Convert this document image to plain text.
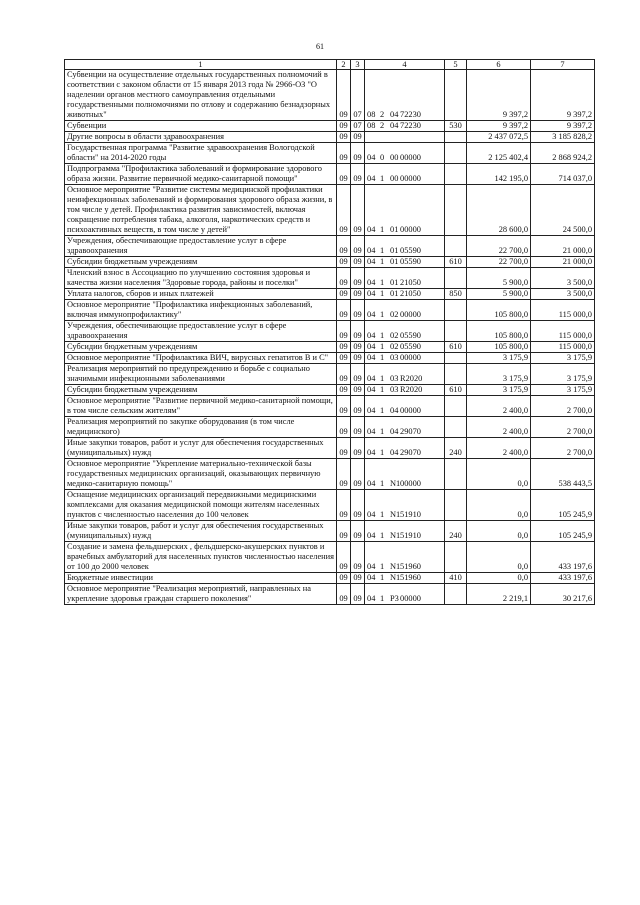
61
1	2	3	4	5	6	7
Субвенции на осуществление отдельных государственных полномочий в соответствии с законом области от 15 января 2013 года № 2966-ОЗ "О наделении органов местного самоуправления отдельными государственными полномочиями по отлову и содержанию безнадзорных животных"	09	07	08 2 04 72230		9 397,2	9 397,2
Субвенции	09	07	08 2 04 72230	530	9 397,2	9 397,2
Другие вопросы в области здравоохранения	09	09			2 437 072,5	3 185 828,2
Государственная программа "Развитие здравоохранения Вологодской области" на 2014-2020 годы	09	09	04 0 00 00000		2 125 402,4	2 868 924,2
Подпрограмма "Профилактика заболеваний и формирование здорового образа жизни. Развитие первичной медико-санитарной помощи"	09	09	04 1 00 00000		142 195,0	714 037,0
Основное мероприятие "Развитие системы медицинской профилактики неинфекционных заболеваний и формирования здорового образа жизни, в том числе у детей. Профилактика развития зависимостей, включая сокращение потребления табака, алкоголя, наркотических средств и психоактивных веществ, в том числе у детей"	09	09	04 1 01 00000		28 600,0	24 500,0
Учреждения, обеспечивающие предоставление услуг в сфере здравоохранения	09	09	04 1 01 05590		22 700,0	21 000,0
Субсидии бюджетным учреждениям	09	09	04 1 01 05590	610	22 700,0	21 000,0
Членский взнос в Ассоциацию по улучшению состояния здоровья и качества жизни населения "Здоровые города, районы и поселки"	09	09	04 1 01 21050		5 900,0	3 500,0
Уплата налогов, сборов и иных платежей	09	09	04 1 01 21050	850	5 900,0	3 500,0
Основное мероприятие "Профилактика инфекционных заболеваний, включая иммунопрофилактику"	09	09	04 1 02 00000		105 800,0	115 000,0
Учреждения, обеспечивающие предоставление услуг в сфере здравоохранения	09	09	04 1 02 05590		105 800,0	115 000,0
Субсидии бюджетным учреждениям	09	09	04 1 02 05590	610	105 800,0	115 000,0
Основное мероприятие "Профилактика ВИЧ, вирусных гепатитов В и С"	09	09	04 1 03 00000		3 175,9	3 175,9
Реализация мероприятий по предупреждению и борьбе с социально значимыми инфекционными заболеваниями	09	09	04 1 03 R2020		3 175,9	3 175,9
Субсидии бюджетным учреждениям	09	09	04 1 03 R2020	610	3 175,9	3 175,9
Основное мероприятие "Развитие первичной медико-санитарной помощи, в том числе сельским жителям"	09	09	04 1 04 00000		2 400,0	2 700,0
Реализация мероприятий по закупке оборудования (в том числе медицинского)	09	09	04 1 04 29070		2 400,0	2 700,0
Иные закупки товаров, работ и услуг для обеспечения государственных (муниципальных) нужд	09	09	04 1 04 29070	240	2 400,0	2 700,0
Основное мероприятие "Укрепление материально-технической базы государственных медицинских организаций, оказывающих первичную медико-санитарную помощь"	09	09	04 1 N100000		0,0	538 443,5
Оснащение медицинских организаций передвижными медицинскими комплексами для оказания медицинской помощи жителям населенных пунктов с численностью населения до 100 человек	09	09	04 1 N151910		0,0	105 245,9
Иные закупки товаров, работ и услуг для обеспечения государственных (муниципальных) нужд	09	09	04 1 N151910	240	0,0	105 245,9
Создание и замена фельдшерских , фельдшерско-акушерских пунктов и врачебных амбулаторий для населенных пунктов численностью населения от 100 до 2000 человек	09	09	04 1 N151960		0,0	433 197,6
Бюджетные инвестиции	09	09	04 1 N151960	410	0,0	433 197,6
Основное мероприятие "Реализация мероприятий, направленных на укрепление здоровья граждан старшего поколения"	09	09	04 1 P300000		2 219,1	30 217,6
